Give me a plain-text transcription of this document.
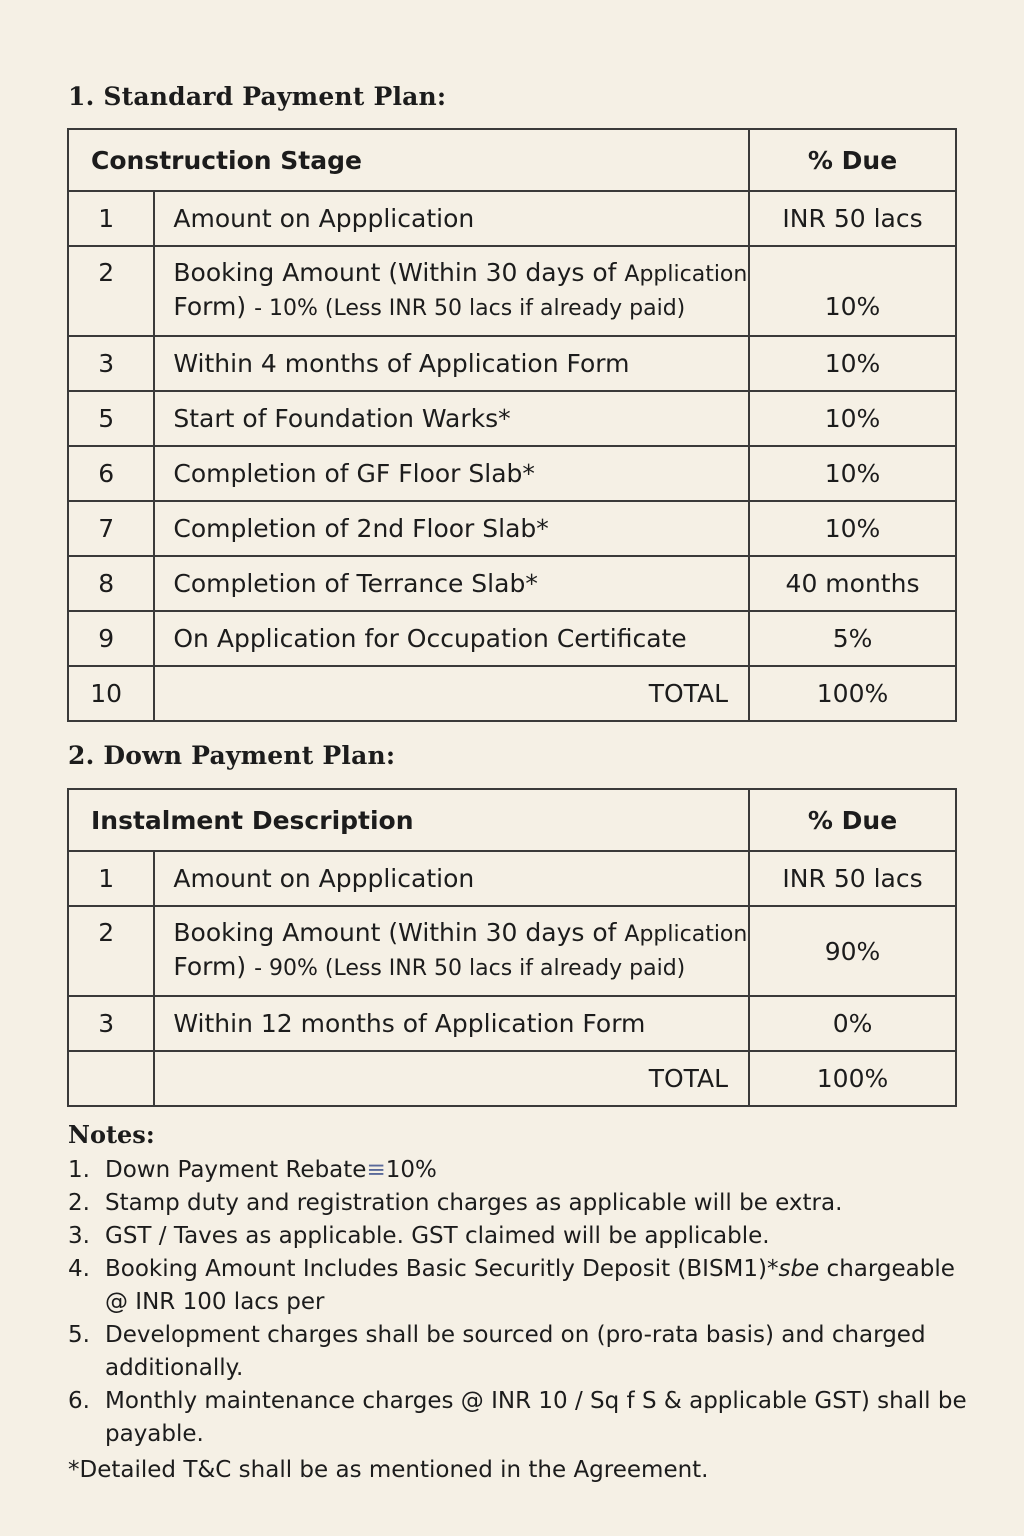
1. Standard Payment Plan:
Construction Stage		% Due
1	Amount on Appplication	INR 50 lacs
2	Booking Amount (Within 30 days of Application
Form) - 10% (Less INR 50 lacs if already paid)	10%
3	Within 4 months of Application Form	10%
5	Start of Foundation Warks*	10%
6	Completion of GF Floor Slab*	10%
7	Completion of 2nd Floor Slab*	10%
8	Completion of Terrance Slab*	40 months
9	On Application for Occupation Certificate	5%
10	TOTAL	100%
2. Down Payment Plan:
Instalment Description		% Due
1	Amount on Appplication	INR 50 lacs
2	Booking Amount (Within 30 days of Application
Form) - 90% (Less INR 50 lacs if already paid)	90%
3	Within 12 months of Application Form	0%
	TOTAL	100%
Notes:
1. Down Payment Rebate≡10%
2. Stamp duty and registration charges as applicable will be extra.
3. GST / Taves as applicable. GST claimed will be applicable.
4. Booking Amount Includes Basic Securitly Deposit (BISM1)*sbe chargeable @ INR 100 lacs per
5. Development charges shall be sourced on (pro-rata basis) and charged additionally.
6. Monthly maintenance charges @ INR 10 / Sq f S & applicable GST) shall be payable.

*Detailed T&C shall be as mentioned in the Agreement.
